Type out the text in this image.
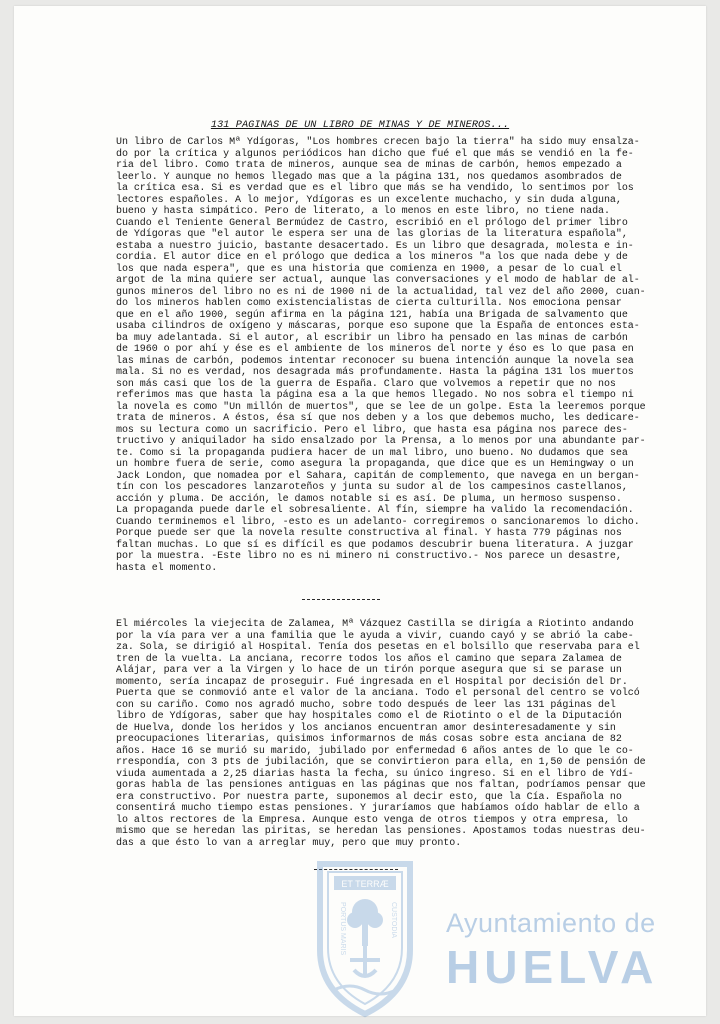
131 PAGINAS DE UN LIBRO DE MINAS Y DE MINEROS...
Un libro de Carlos Mª Ydígoras, "Los hombres crecen bajo la tierra" ha sido muy ensalza-
do por la crítica y algunos periódicos han dicho que fué el que más se vendió en la fe-
ria del libro. Como trata de mineros, aunque sea de minas de carbón, hemos empezado a
leerlo. Y aunque no hemos llegado mas que a la página 131, nos quedamos asombrados de
la crítica esa. Si es verdad que es el libro que más se ha vendido, lo sentimos por los
lectores españoles. A lo mejor, Ydígoras es un excelente muchacho, y sin duda alguna,
bueno y hasta simpático. Pero de literato, a lo menos en este libro, no tiene nada.
Cuando el Teniente General Bermúdez de Castro, escribió en el prólogo del primer libro
de Ydígoras que "el autor le espera ser una de las glorias de la literatura española",
estaba a nuestro juicio, bastante desacertado. Es un libro que desagrada, molesta e in-
cordia. El autor dice en el prólogo que dedica a los mineros "a los que nada debe y de
los que nada espera", que es una historia que comienza en 1900, a pesar de lo cual el
argot de la mina quiere ser actual, aunque las conversaciones y el modo de hablar de al-
gunos mineros del libro no es ni de 1900 ni de la actualidad, tal vez del año 2000, cuan-
do los mineros hablen como existencialistas de cierta culturilla. Nos emociona pensar
que en el año 1900, según afirma en la página 121, había una Brigada de salvamento que
usaba cilindros de oxígeno y máscaras, porque eso supone que la España de entonces esta-
ba muy adelantada. Si el autor, al escribir un libro ha pensado en las minas de carbón
de 1960 o por ahí y ése es el ambiente de los mineros del norte y éso es lo que pasa en
las minas de carbón, podemos intentar reconocer su buena intención aunque la novela sea
mala. Si no es verdad, nos desagrada más profundamente. Hasta la página 131 los muertos
son más casi que los de la guerra de España. Claro que volvemos a repetir que no nos
referimos mas que hasta la página esa a la que hemos llegado. No nos sobra el tiempo ni
la novela es como "Un millón de muertos", que se lee de un golpe. Esta la leeremos porque
trata de mineros. A éstos, ésa sí que nos deben y a los que debemos mucho, les dedicare-
mos su lectura como un sacrificio. Pero el libro, que hasta esa página nos parece des-
tructivo y aniquilador ha sido ensalzado por la Prensa, a lo menos por una abundante par-
te. Como si la propaganda pudiera hacer de un mal libro, uno bueno. No dudamos que sea
un hombre fuera de serie, como asegura la propaganda, que dice que es un Hemingway o un
Jack London, que nomadea por el Sahara, capitán de complemento, que navega en un bergan-
tín con los pescadores lanzaroteños y junta su sudor al de los campesinos castellanos,
acción y pluma. De acción, le damos notable si es así. De pluma, un hermoso suspenso.
La propaganda puede darle el sobresaliente. Al fín, siempre ha valido la recomendación.
Cuando terminemos el libro, -esto es un adelanto- corregiremos o sancionaremos lo dicho.
Porque puede ser que la novela resulte constructiva al final. Y hasta 779 páginas nos
faltan muchas. Lo que sí es difícil es que podamos descubrir buena literatura. A juzgar
por la muestra. -Este libro no es ni minero ni constructivo.- Nos parece un desastre,
hasta el momento.
El miércoles la viejecita de Zalamea, Mª Vázquez Castilla se dirigía a Riotinto andando
por la vía para ver a una familia que le ayuda a vivir, cuando cayó y se abrió la cabe-
za. Sola, se dirigió al Hospital. Tenía dos pesetas en el bolsillo que reservaba para el
tren de la vuelta. La anciana, recorre todos los años el camino que separa Zalamea de
Alájar, para ver a la Virgen y lo hace de un tirón porque asegura que si se parase un
momento, sería incapaz de proseguir. Fué ingresada en el Hospital por decisión del Dr.
Puerta que se conmovió ante el valor de la anciana. Todo el personal del centro se volcó
con su cariño. Como nos agradó mucho, sobre todo después de leer las 131 páginas del
libro de Ydígoras, saber que hay hospitales como el de Riotinto o el de la Diputación
de Huelva, donde los heridos y los ancianos encuentran amor desinteresadamente y sin
preocupaciones literarias, quisimos informarnos de más cosas sobre esta anciana de 82
años. Hace 16 se murió su marido, jubilado por enfermedad 6 años antes de lo que le co-
rrespondía, con 3 pts de jubilación, que se convirtieron para ella, en 1,50 de pensión de
viuda aumentada a 2,25 diarias hasta la fecha, su único ingreso. Si en el libro de Ydí-
goras habla de las pensiones antiguas en las páginas que nos faltan, podríamos pensar que
era constructivo. Por nuestra parte, suponemos al decir esto, que la Cía. Española no
consentirá mucho tiempo estas pensiones. Y juraríamos que habíamos oído hablar de ello a
lo altos rectores de la Empresa. Aunque esto venga de otros tiempos y otra empresa, lo
mismo que se heredan las piritas, se heredan las pensiones. Apostamos todas nuestras deu-
das a que ésto lo van a arreglar muy, pero que muy pronto.
ET TERRÆ
PORTUS MARIS	CUSTODIA Ayuntamiento de
HUELVA
